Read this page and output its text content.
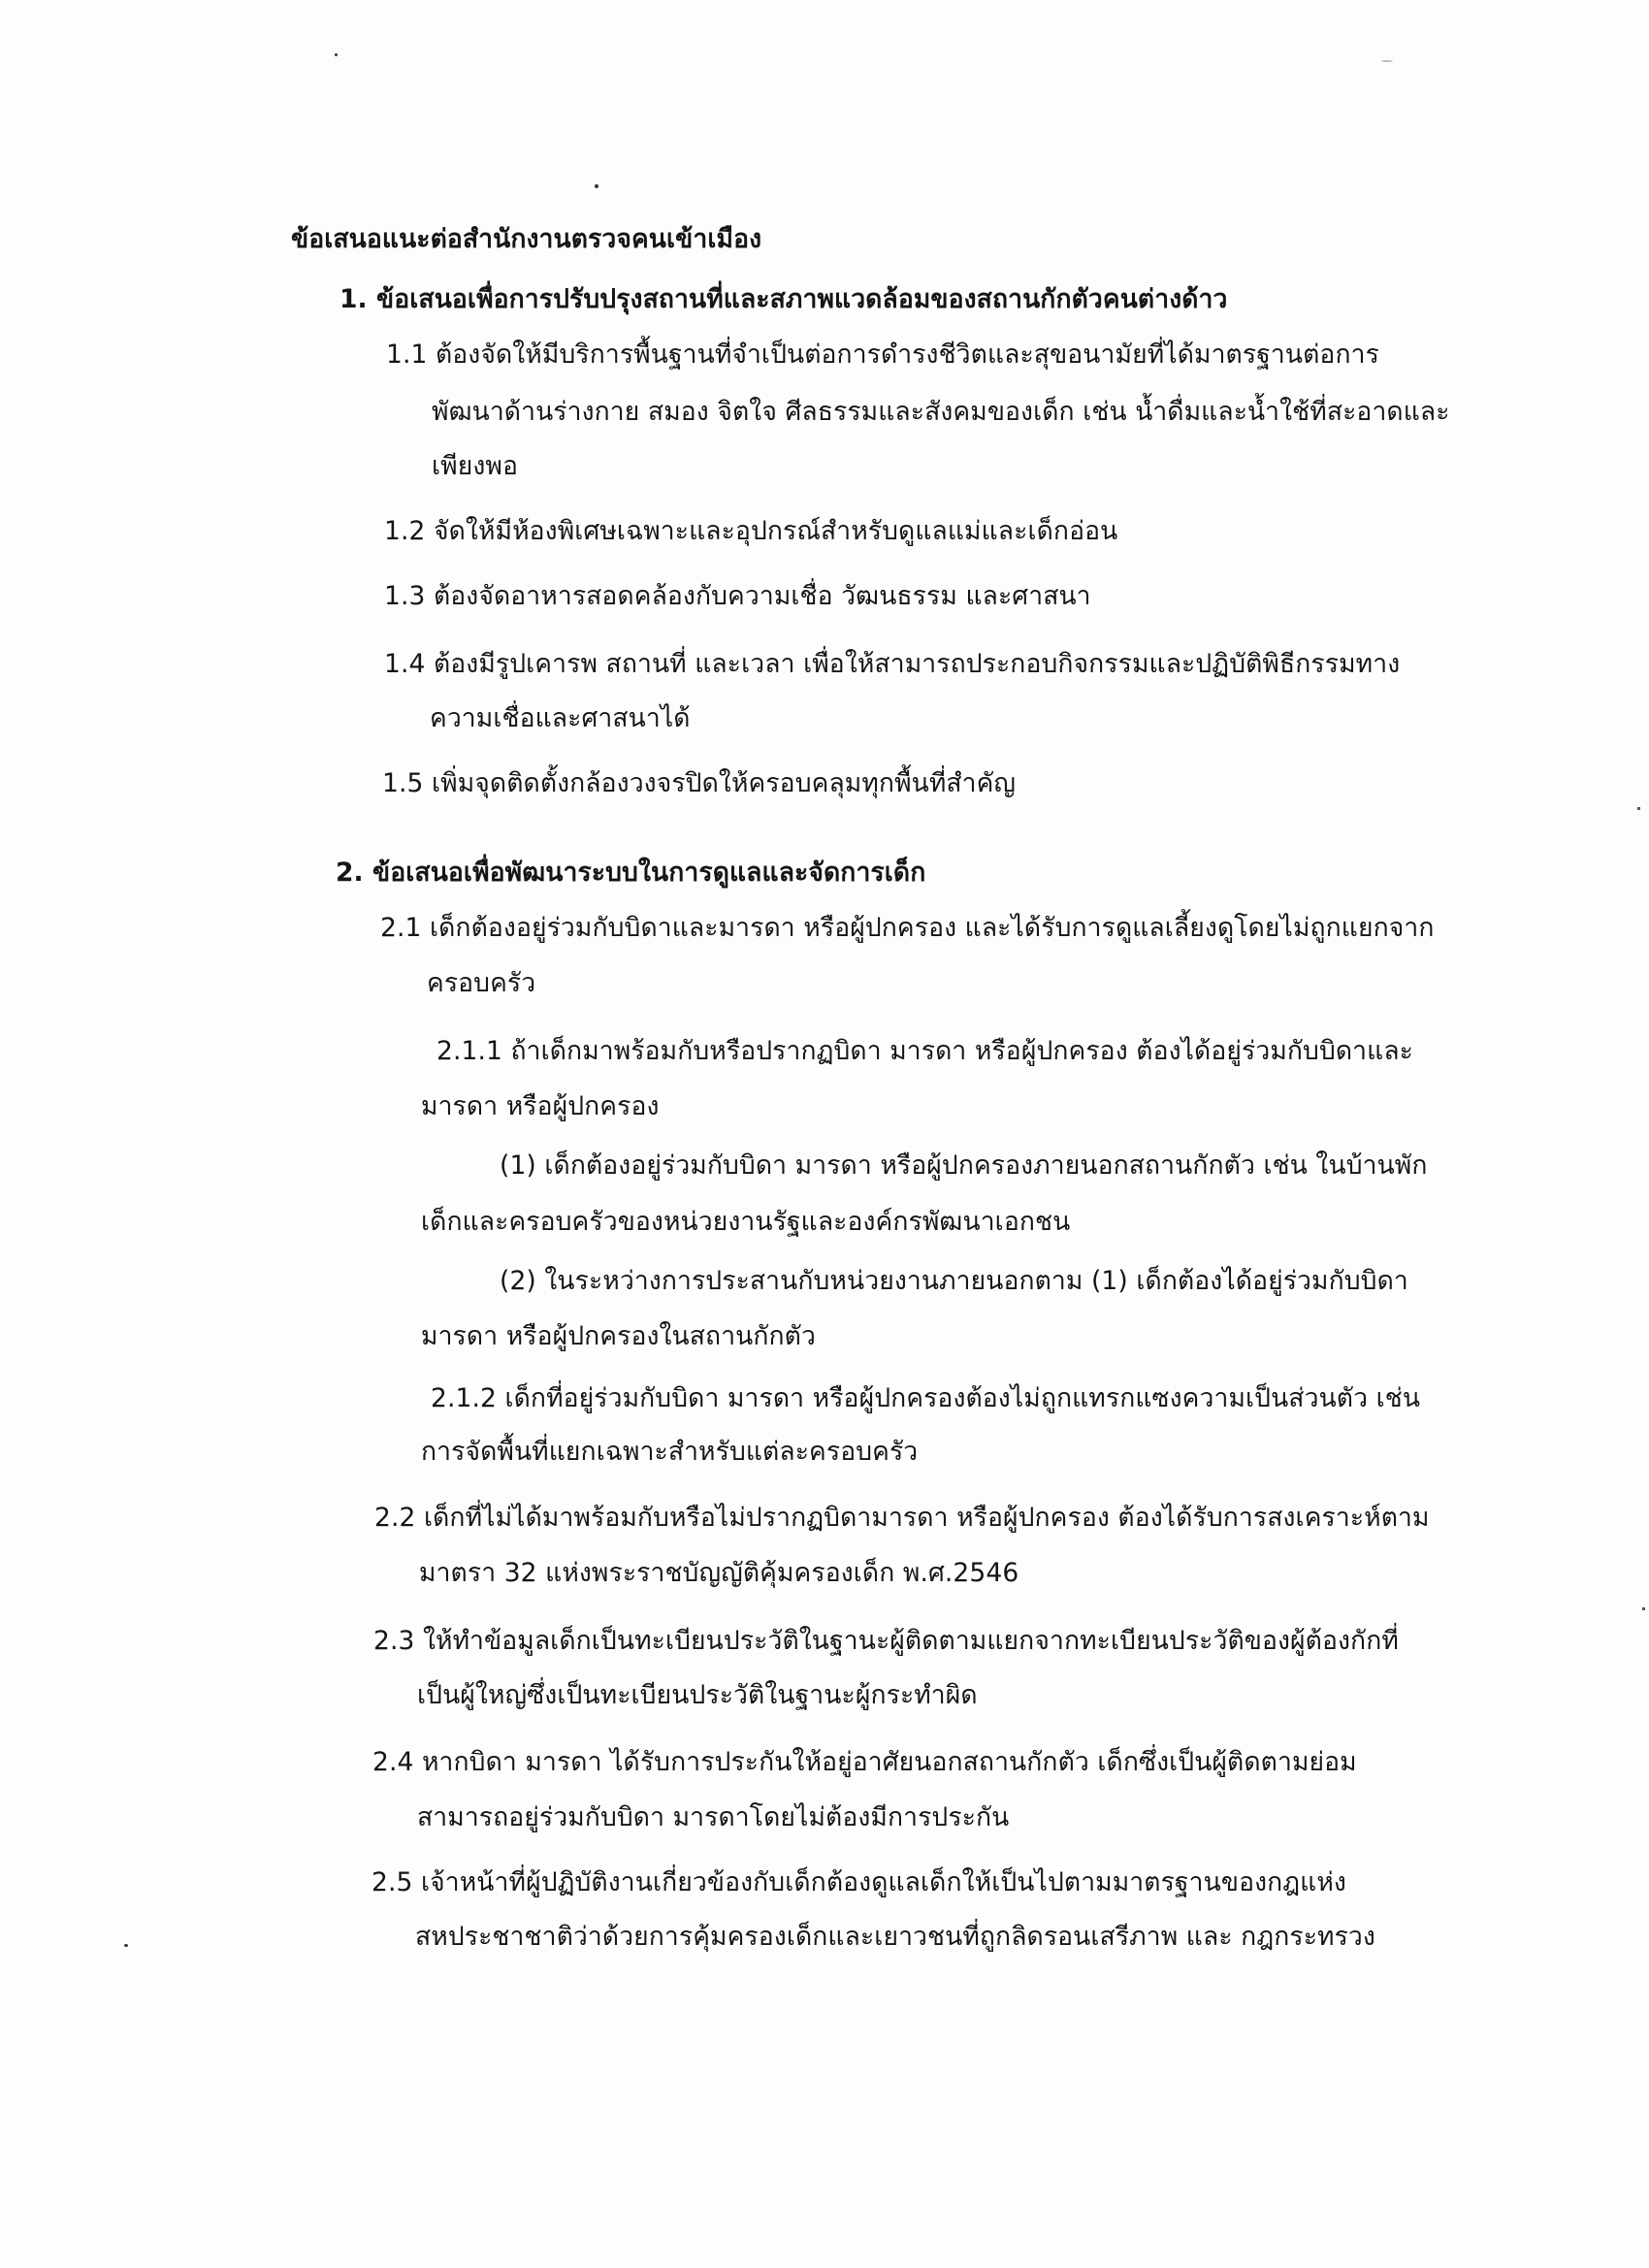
ข้อเสนอแนะต่อสำนักงานตรวจคนเข้าเมือง
1. ข้อเสนอเพื่อการปรับปรุงสถานที่และสภาพแวดล้อมของสถานกักตัวคนต่างด้าว
1.1 ต้องจัดให้มีบริการพื้นฐานที่จำเป็นต่อการดำรงชีวิตและสุขอนามัยที่ได้มาตรฐานต่อการ
พัฒนาด้านร่างกาย สมอง จิตใจ ศีลธรรมและสังคมของเด็ก เช่น น้ำดื่มและน้ำใช้ที่สะอาดและ
เพียงพอ
1.2 จัดให้มีห้องพิเศษเฉพาะและอุปกรณ์สำหรับดูแลแม่และเด็กอ่อน
1.3 ต้องจัดอาหารสอดคล้องกับความเชื่อ วัฒนธรรม และศาสนา
1.4 ต้องมีรูปเคารพ สถานที่ และเวลา เพื่อให้สามารถประกอบกิจกรรมและปฏิบัติพิธีกรรมทาง
ความเชื่อและศาสนาได้
1.5 เพิ่มจุดติดตั้งกล้องวงจรปิดให้ครอบคลุมทุกพื้นที่สำคัญ
2. ข้อเสนอเพื่อพัฒนาระบบในการดูแลและจัดการเด็ก
2.1 เด็กต้องอยู่ร่วมกับบิดาและมารดา หรือผู้ปกครอง และได้รับการดูแลเลี้ยงดูโดยไม่ถูกแยกจาก
ครอบครัว
2.1.1 ถ้าเด็กมาพร้อมกับหรือปรากฏบิดา มารดา หรือผู้ปกครอง ต้องได้อยู่ร่วมกับบิดาและ
มารดา หรือผู้ปกครอง
(1) เด็กต้องอยู่ร่วมกับบิดา มารดา หรือผู้ปกครองภายนอกสถานกักตัว เช่น ในบ้านพัก
เด็กและครอบครัวของหน่วยงานรัฐและองค์กรพัฒนาเอกชน
(2) ในระหว่างการประสานกับหน่วยงานภายนอกตาม (1) เด็กต้องได้อยู่ร่วมกับบิดา
มารดา หรือผู้ปกครองในสถานกักตัว
2.1.2 เด็กที่อยู่ร่วมกับบิดา มารดา หรือผู้ปกครองต้องไม่ถูกแทรกแซงความเป็นส่วนตัว เช่น
การจัดพื้นที่แยกเฉพาะสำหรับแต่ละครอบครัว
2.2 เด็กที่ไม่ได้มาพร้อมกับหรือไม่ปรากฏบิดามารดา หรือผู้ปกครอง ต้องได้รับการสงเคราะห์ตาม
มาตรา 32 แห่งพระราชบัญญัติคุ้มครองเด็ก พ.ศ.2546
2.3 ให้ทำข้อมูลเด็กเป็นทะเบียนประวัติในฐานะผู้ติดตามแยกจากทะเบียนประวัติของผู้ต้องกักที่
เป็นผู้ใหญ่ซึ่งเป็นทะเบียนประวัติในฐานะผู้กระทำผิด
2.4 หากบิดา มารดา ได้รับการประกันให้อยู่อาศัยนอกสถานกักตัว เด็กซึ่งเป็นผู้ติดตามย่อม
สามารถอยู่ร่วมกับบิดา มารดาโดยไม่ต้องมีการประกัน
2.5 เจ้าหน้าที่ผู้ปฏิบัติงานเกี่ยวข้องกับเด็กต้องดูแลเด็กให้เป็นไปตามมาตรฐานของกฎแห่ง
สหประชาชาติว่าด้วยการคุ้มครองเด็กและเยาวชนที่ถูกลิดรอนเสรีภาพ และ กฎกระทรวง
